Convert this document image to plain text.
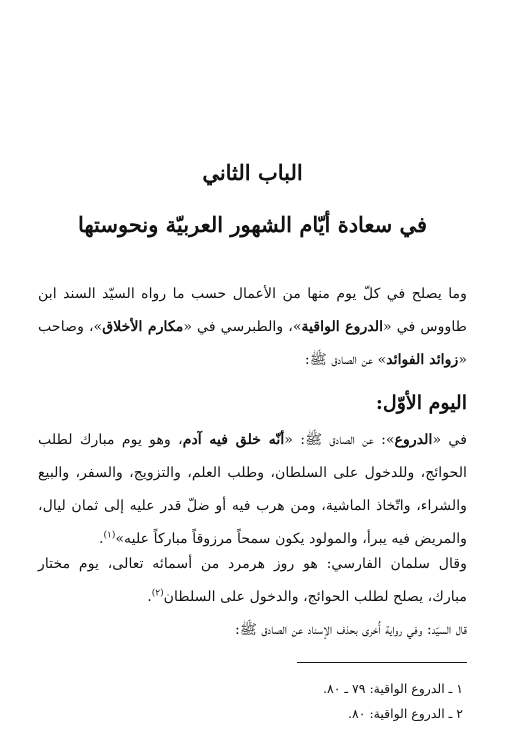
الباب الثاني
في سعادة أيّام الشهور العربيّة ونحوستها

وما يصلح في كلّ يوم منها من الأعمال حسب ما رواه السيّد السند ابن طاووس في «الدروع الواقية»، والطبرسي في «مكارم الأخلاق»، وصاحب «زوائد الفوائد» عن الصادق ﷺ:

اليوم الأوّل:

في «الدروع»: عن الصادق ﷺ: «أنّه خلق فيه آدم، وهو يوم مبارك لطلب الحوائج، وللدخول على السلطان، وطلب العلم، والتزويج، والسفر، والبيع والشراء، واتّخاذ الماشية، ومن هرب فيه أو ضلّ قدر عليه إلى ثمان ليال، والمريض فيه يبرأ، والمولود يكون سمحاً مرزوقاً مباركاً عليه»$^{(١)}$.

وقال سلمان الفارسي: هو روز هرمرد من أسمائه تعالى، يوم مختار مبارك، يصلح لطلب الحوائج، والدخول على السلطان$^{(٢)}$.

قال السيّد: وفي رواية أُخرى بحذف الإسناد عن الصادق ﷺ:

١ ـ الدروع الواقية: ٧٩ ـ ٨٠.
٢ ـ الدروع الواقية: ٨٠.
